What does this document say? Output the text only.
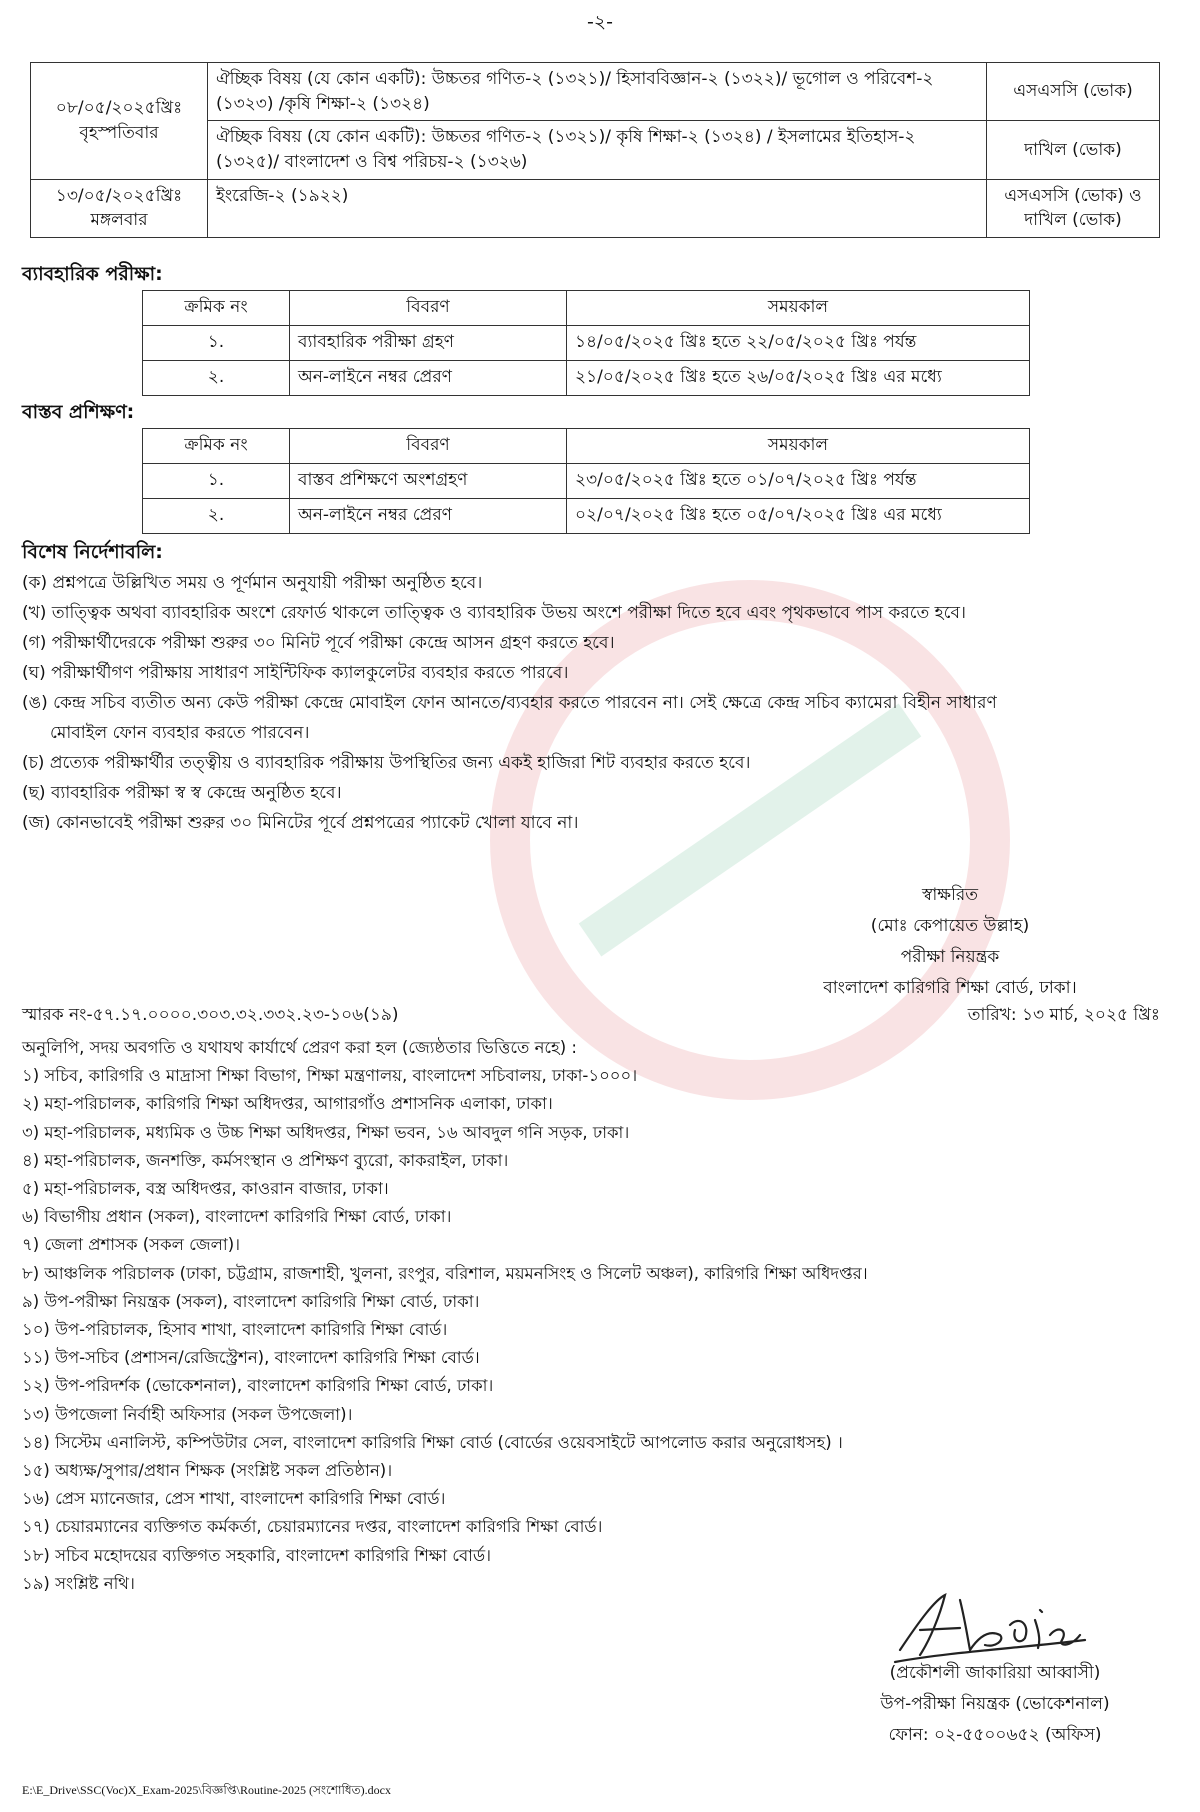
-২-
০৮/০৫/২০২৫খ্রিঃ
বৃহস্পতিবার	ঐচ্ছিক বিষয় (যে কোন একটি): উচ্চতর গণিত-২ (১৩২১)/ হিসাববিজ্ঞান-২ (১৩২২)/ ভূগোল ও পরিবেশ-২ (১৩২৩) /কৃষি শিক্ষা-২ (১৩২৪)	এসএসসি (ভোক)
	ঐচ্ছিক বিষয় (যে কোন একটি): উচ্চতর গণিত-২ (১৩২১)/ কৃষি শিক্ষা-২ (১৩২৪) / ইসলামের ইতিহাস-২ (১৩২৫)/ বাংলাদেশ ও বিশ্ব পরিচয়-২ (১৩২৬)	দাখিল (ভোক)

১৩/০৫/২০২৫খ্রিঃ
মঙ্গলবার	ইংরেজি-২ (১৯২২)	এসএসসি (ভোক) ও দাখিল (ভোক)
ব্যাবহারিক পরীক্ষা:
ক্রমিক নং	বিবরণ	সময়কাল
১.	ব্যাবহারিক পরীক্ষা গ্রহণ	১৪/০৫/২০২৫ খ্রিঃ হতে ২২/০৫/২০২৫ খ্রিঃ পর্যন্ত
২.	অন-লাইনে নম্বর প্রেরণ	২১/০৫/২০২৫ খ্রিঃ হতে ২৬/০৫/২০২৫ খ্রিঃ এর মধ্যে
বাস্তব প্রশিক্ষণ:
ক্রমিক নং	বিবরণ	সময়কাল
১.	বাস্তব প্রশিক্ষণে অংশগ্রহণ	২৩/০৫/২০২৫ খ্রিঃ হতে ০১/০৭/২০২৫ খ্রিঃ পর্যন্ত
২.	অন-লাইনে নম্বর প্রেরণ	০২/০৭/২০২৫ খ্রিঃ হতে ০৫/০৭/২০২৫ খ্রিঃ এর মধ্যে
বিশেষ নির্দেশাবলি:
(ক) প্রশ্নপত্রে উল্লিখিত সময় ও পূর্ণমান অনুযায়ী পরীক্ষা অনুষ্ঠিত হবে।
(খ) তাত্ত্বিক অথবা ব্যাবহারিক অংশে রেফার্ড থাকলে তাত্ত্বিক ও ব্যাবহারিক উভয় অংশে পরীক্ষা দিতে হবে এবং পৃথকভাবে পাস করতে হবে।
(গ) পরীক্ষার্থীদেরকে পরীক্ষা শুরুর ৩০ মিনিট পূর্বে পরীক্ষা কেন্দ্রে আসন গ্রহণ করতে হবে।
(ঘ) পরীক্ষার্থীগণ পরীক্ষায় সাধারণ সাইন্টিফিক ক্যালকুলেটর ব্যবহার করতে পারবে।
(ঙ) কেন্দ্র সচিব ব্যতীত অন্য কেউ পরীক্ষা কেন্দ্রে মোবাইল ফোন আনতে/ব্যবহার করতে পারবেন না। সেই ক্ষেত্রে কেন্দ্র সচিব ক্যামেরা বিহীন সাধারণ
মোবাইল ফোন ব্যবহার করতে পারবেন।
(চ) প্রত্যেক পরীক্ষার্থীর তত্ত্বীয় ও ব্যাবহারিক পরীক্ষায় উপস্থিতির জন্য একই হাজিরা শিট ব্যবহার করতে হবে।
(ছ) ব্যাবহারিক পরীক্ষা স্ব স্ব কেন্দ্রে অনুষ্ঠিত হবে।
(জ) কোনভাবেই পরীক্ষা শুরুর ৩০ মিনিটের পূর্বে প্রশ্নপত্রের প্যাকেট খোলা যাবে না।
স্বাক্ষরিত
(মোঃ কেপায়েত উল্লাহ)
পরীক্ষা নিয়ন্ত্রক
বাংলাদেশ কারিগরি শিক্ষা বোর্ড, ঢাকা।
স্মারক নং-৫৭.১৭.০০০০.৩০৩.৩২.৩৩২.২৩-১০৬(১৯)	তারিখ: ১৩ মার্চ, ২০২৫ খ্রিঃ
অনুলিপি, সদয় অবগতি ও যথাযথ কার্যার্থে প্রেরণ করা হল (জ্যেষ্ঠতার ভিত্তিতে নহে) :
১) সচিব, কারিগরি ও মাদ্রাসা শিক্ষা বিভাগ, শিক্ষা মন্ত্রণালয়, বাংলাদেশ সচিবালয়, ঢাকা-১০০০।
২) মহা-পরিচালক, কারিগরি শিক্ষা অধিদপ্তর, আগারগাঁও প্রশাসনিক এলাকা, ঢাকা।
৩) মহা-পরিচালক, মধ্যমিক ও উচ্চ শিক্ষা অধিদপ্তর, শিক্ষা ভবন, ১৬ আবদুল গনি সড়ক, ঢাকা।
৪) মহা-পরিচালক, জনশক্তি, কর্মসংস্থান ও প্রশিক্ষণ ব্যুরো, কাকরাইল, ঢাকা।
৫) মহা-পরিচালক, বস্ত্র অধিদপ্তর, কাওরান বাজার, ঢাকা।
৬) বিভাগীয় প্রধান (সকল), বাংলাদেশ কারিগরি শিক্ষা বোর্ড, ঢাকা।
৭) জেলা প্রশাসক (সকল জেলা)।
৮) আঞ্চলিক পরিচালক (ঢাকা, চট্টগ্রাম, রাজশাহী, খুলনা, রংপুর, বরিশাল, ময়মনসিংহ ও সিলেট অঞ্চল), কারিগরি শিক্ষা অধিদপ্তর।
৯) উপ-পরীক্ষা নিয়ন্ত্রক (সকল), বাংলাদেশ কারিগরি শিক্ষা বোর্ড, ঢাকা।
১০) উপ-পরিচালক, হিসাব শাখা, বাংলাদেশ কারিগরি শিক্ষা বোর্ড।
১১) উপ-সচিব (প্রশাসন/রেজিস্ট্রেশন), বাংলাদেশ কারিগরি শিক্ষা বোর্ড।
১২) উপ-পরিদর্শক (ভোকেশনাল), বাংলাদেশ কারিগরি শিক্ষা বোর্ড, ঢাকা।
১৩) উপজেলা নির্বাহী অফিসার (সকল উপজেলা)।
১৪) সিস্টেম এনালিস্ট, কম্পিউটার সেল, বাংলাদেশ কারিগরি শিক্ষা বোর্ড (বোর্ডের ওয়েবসাইটে আপলোড করার অনুরোধসহ) ।
১৫) অধ্যক্ষ/সুপার/প্রধান শিক্ষক (সংশ্লিষ্ট সকল প্রতিষ্ঠান)।
১৬) প্রেস ম্যানেজার, প্রেস শাখা, বাংলাদেশ কারিগরি শিক্ষা বোর্ড।
১৭) চেয়ারম্যানের ব্যক্তিগত কর্মকর্তা, চেয়ারম্যানের দপ্তর, বাংলাদেশ কারিগরি শিক্ষা বোর্ড।
১৮) সচিব মহোদয়ের ব্যক্তিগত সহকারি, বাংলাদেশ কারিগরি শিক্ষা বোর্ড।
১৯) সংশ্লিষ্ট নথি।
(প্রকৌশলী জাকারিয়া আব্বাসী)
উপ-পরীক্ষা নিয়ন্ত্রক (ভোকেশনাল)
ফোন: ০২-৫৫০০৬৫২ (অফিস)
E:\E_Drive\SSC(Voc)X_Exam-2025\বিজ্ঞপ্তি\Routine-2025 (সংশোধিত).docx
